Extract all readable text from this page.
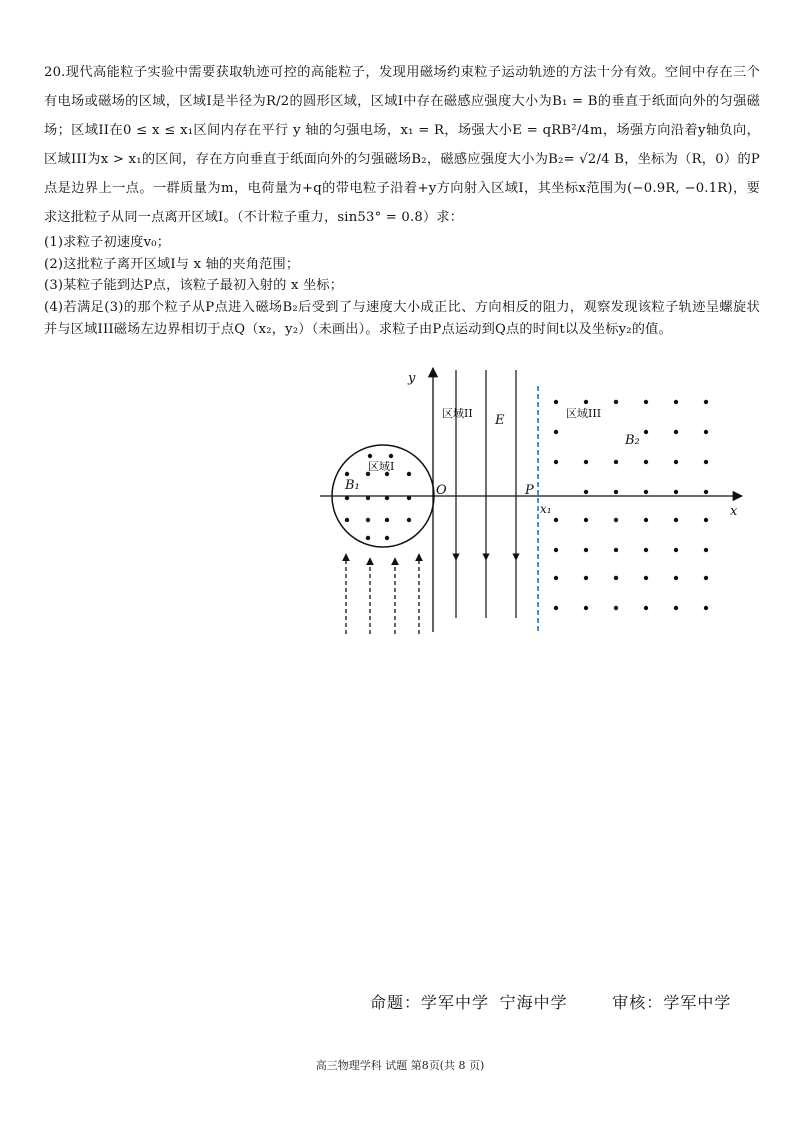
20.现代高能粒子实验中需要获取轨迹可控的高能粒子，发现用磁场约束粒子运动轨迹的方法十分有效。空间中存在三个有电场或磁场的区域，区域I是半径为R/2的圆形区域，区域I中存在磁感应强度大小为B₁ = B的垂直于纸面向外的匀强磁场；区域II在0 ≤ x ≤ x₁区间内存在平行 y 轴的匀强电场，x₁ = R，场强大小E = qRB²/4m，场强方向沿着y轴负向，区域III为x > x₁的区间，存在方向垂直于纸面向外的匀强磁场B₂，磁感应强度大小为B₂= √2/4 B，坐标为（R，0）的P点是边界上一点。一群质量为m，电荷量为+q的带电粒子沿着+y方向射入区域I，其坐标x范围为(−0.9R, −0.1R)，要求这批粒子从同一点离开区域I。（不计粒子重力，sin53° = 0.8）求：

(1)求粒子初速度v₀；

(2)这批粒子离开区域I与 x 轴的夹角范围；

(3)某粒子能到达P点，该粒子最初入射的 x 坐标；

(4)若满足(3)的那个粒子从P点进入磁场B₂后受到了与速度大小成正比、方向相反的阻力，观察发现该粒子轨迹呈螺旋状并与区域III磁场左边界相切于点Q（x₂，y₂）（未画出）。求粒子由P点运动到Q点的时间t以及坐标y₂的值。

y
x
O	P
x₁
区域I
区域II	区域III
B₁
B₂
E
命题：学军中学 宁海中学	审核：学军中学
高三物理学科 试题 第8页(共 8 页)
